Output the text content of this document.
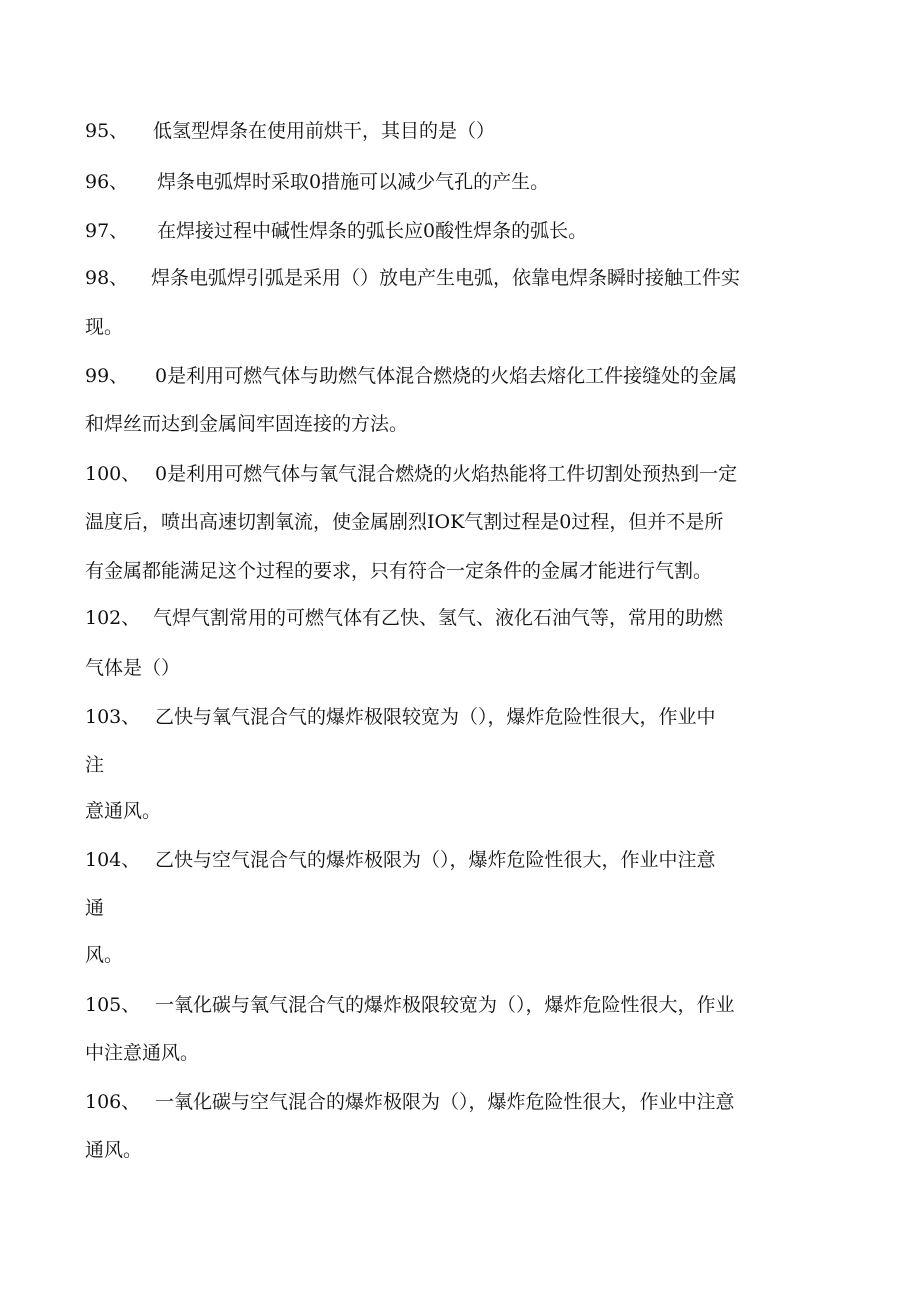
95、 低氢型焊条在使用前烘干，其目的是（）
96、 焊条电弧焊时采取0措施可以减少气孔的产生。
97、 在焊接过程中碱性焊条的弧长应0酸性焊条的弧长。
98、 焊条电弧焊引弧是采用（）放电产生电弧，依靠电焊条瞬时接触工件实
现。
99、 0是利用可燃气体与助燃气体混合燃烧的火焰去熔化工件接缝处的金属
和焊丝而达到金属间牢固连接的方法。
100、 0是利用可燃气体与氧气混合燃烧的火焰热能将工件切割处预热到一定
温度后，喷出高速切割氧流，使金属剧烈IOK气割过程是0过程，但并不是所
有金属都能满足这个过程的要求，只有符合一定条件的金属才能进行气割。
102、 气焊气割常用的可燃气体有乙快、氢气、液化石油气等，常用的助燃
气体是（）
103、 乙快与氧气混合气的爆炸极限较宽为（），爆炸危险性很大，作业中
注
意通风。
104、 乙快与空气混合气的爆炸极限为（），爆炸危险性很大，作业中注意
通
风。
105、 一氧化碳与氧气混合气的爆炸极限较宽为（），爆炸危险性很大，作业
中注意通风。
106、 一氧化碳与空气混合的爆炸极限为（），爆炸危险性很大，作业中注意
通风。
